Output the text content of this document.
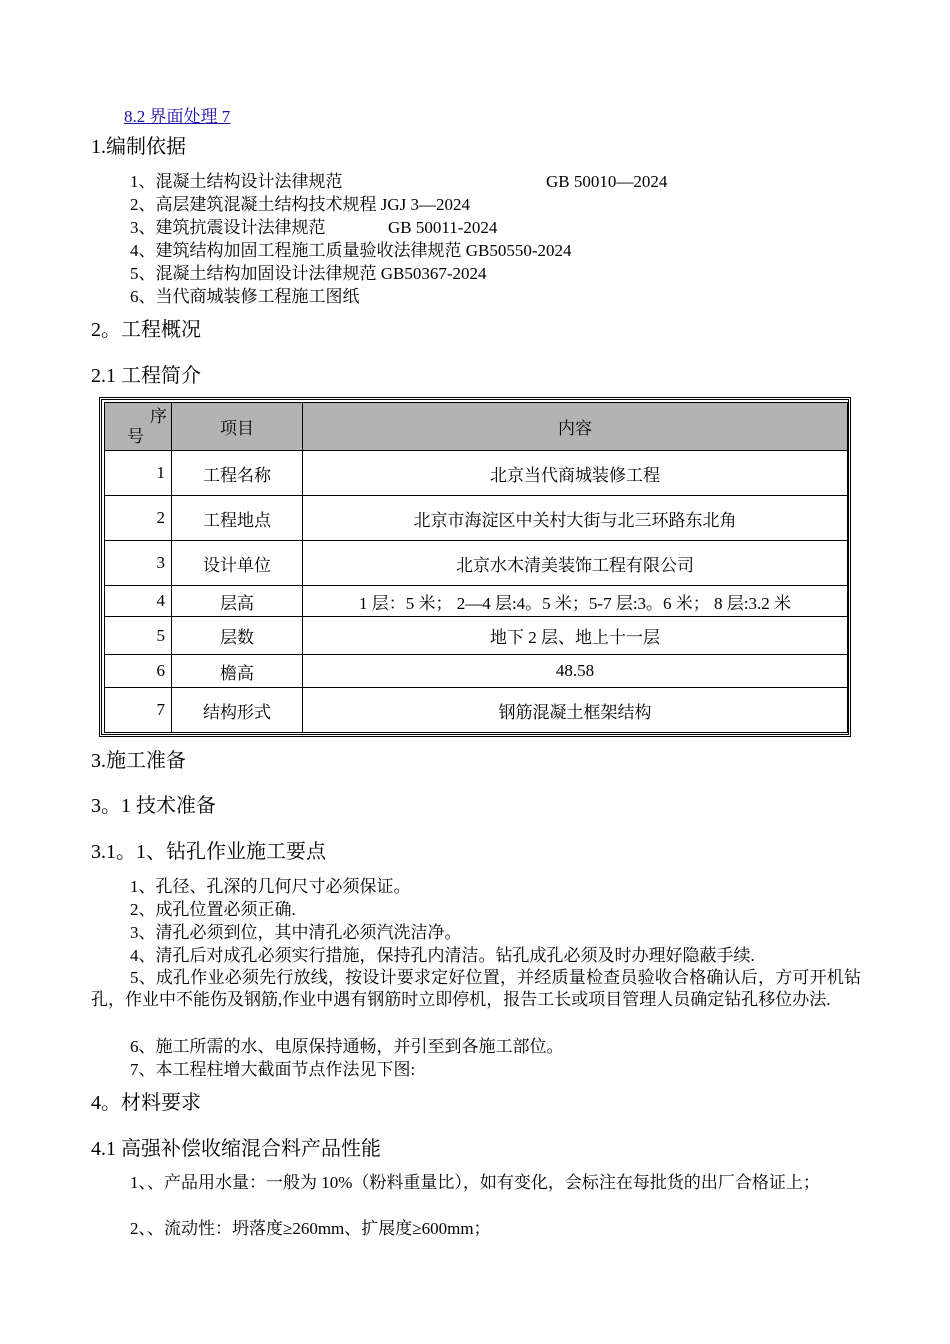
8.2 界面处理 7
1.编制依据
1、混凝土结构设计法律规范	GB 50010—2024
2、高层建筑混凝土结构技术规程 JGJ 3—2024
3、建筑抗震设计法律规范	GB 50011-2024
4、建筑结构加固工程施工质量验收法律规范 GB50550-2024
5、混凝土结构加固设计法律规范 GB50367-2024
6、当代商城装修工程施工图纸
2。工程概况
2.1 工程简介
序
号	项目	内容
1	工程名称	北京当代商城装修工程
2	工程地点	北京市海淀区中关村大街与北三环路东北角
3	设计单位	北京水木清美装饰工程有限公司
4	层高	1 层：5 米； 2—4 层:4。5 米；5-7 层:3。6 米； 8 层:3.2 米
5	层数	地下 2 层、地上十一层
6	檐高	48.58
7	结构形式	钢筋混凝土框架结构
3.施工准备
3。1 技术准备
3.1。1、钻孔作业施工要点
1、孔径、孔深的几何尺寸必须保证。
2、成孔位置必须正确.
3、清孔必须到位，其中清孔必须汽洗洁净。
4、清孔后对成孔必须实行措施，保持孔内清洁。钻孔成孔必须及时办理好隐蔽手续.
5、成孔作业必须先行放线，按设计要求定好位置，并经质量检查员验收合格确认后，方可开机钻孔，作业中不能伤及钢筋,作业中遇有钢筋时立即停机，报告工长或项目管理人员确定钻孔移位办法.
6、施工所需的水、电原保持通畅，并引至到各施工部位。
7、本工程柱增大截面节点作法见下图:
4。材料要求
4.1 高强补偿收缩混合料产品性能
1、、产品用水量：一般为 10%（粉料重量比），如有变化，会标注在每批货的出厂合格证上；
2、、流动性：坍落度≥260mm、扩展度≥600mm；
